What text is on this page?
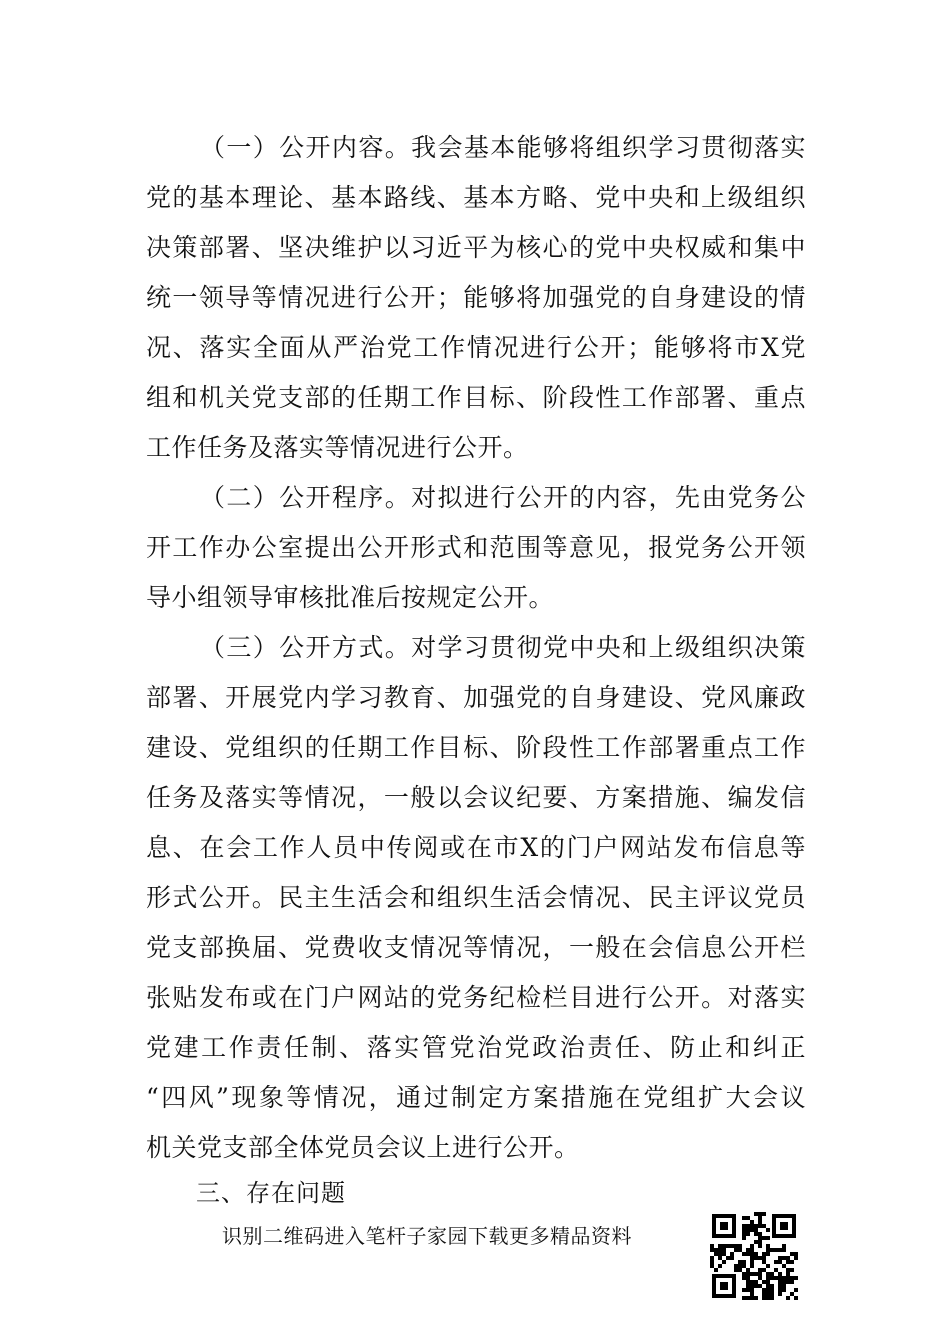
（一）公开内容。我会基本能够将组织学习贯彻落实
党的基本理论、基本路线、基本方略、党中央和上级组织
决策部署、坚决维护以习近平为核心的党中央权威和集中
统一领导等情况进行公开；能够将加强党的自身建设的情
况、落实全面从严治党工作情况进行公开；能够将市X党
组和机关党支部的任期工作目标、阶段性工作部署、重点
工作任务及落实等情况进行公开。
（二）公开程序。对拟进行公开的内容，先由党务公
开工作办公室提出公开形式和范围等意见，报党务公开领
导小组领导审核批准后按规定公开。
（三）公开方式。对学习贯彻党中央和上级组织决策
部署、开展党内学习教育、加强党的自身建设、党风廉政
建设、党组织的任期工作目标、阶段性工作部署重点工作
任务及落实等情况，一般以会议纪要、方案措施、编发信
息、在会工作人员中传阅或在市X的门户网站发布信息等
形式公开。民主生活会和组织生活会情况、民主评议党员
党支部换届、党费收支情况等情况，一般在会信息公开栏
张贴发布或在门户网站的党务纪检栏目进行公开。对落实
党建工作责任制、落实管党治党政治责任、防止和纠正
“四风”现象等情况，通过制定方案措施在党组扩大会议
机关党支部全体党员会议上进行公开。
三、存在问题
识别二维码进入笔杆子家园下载更多精品资料
